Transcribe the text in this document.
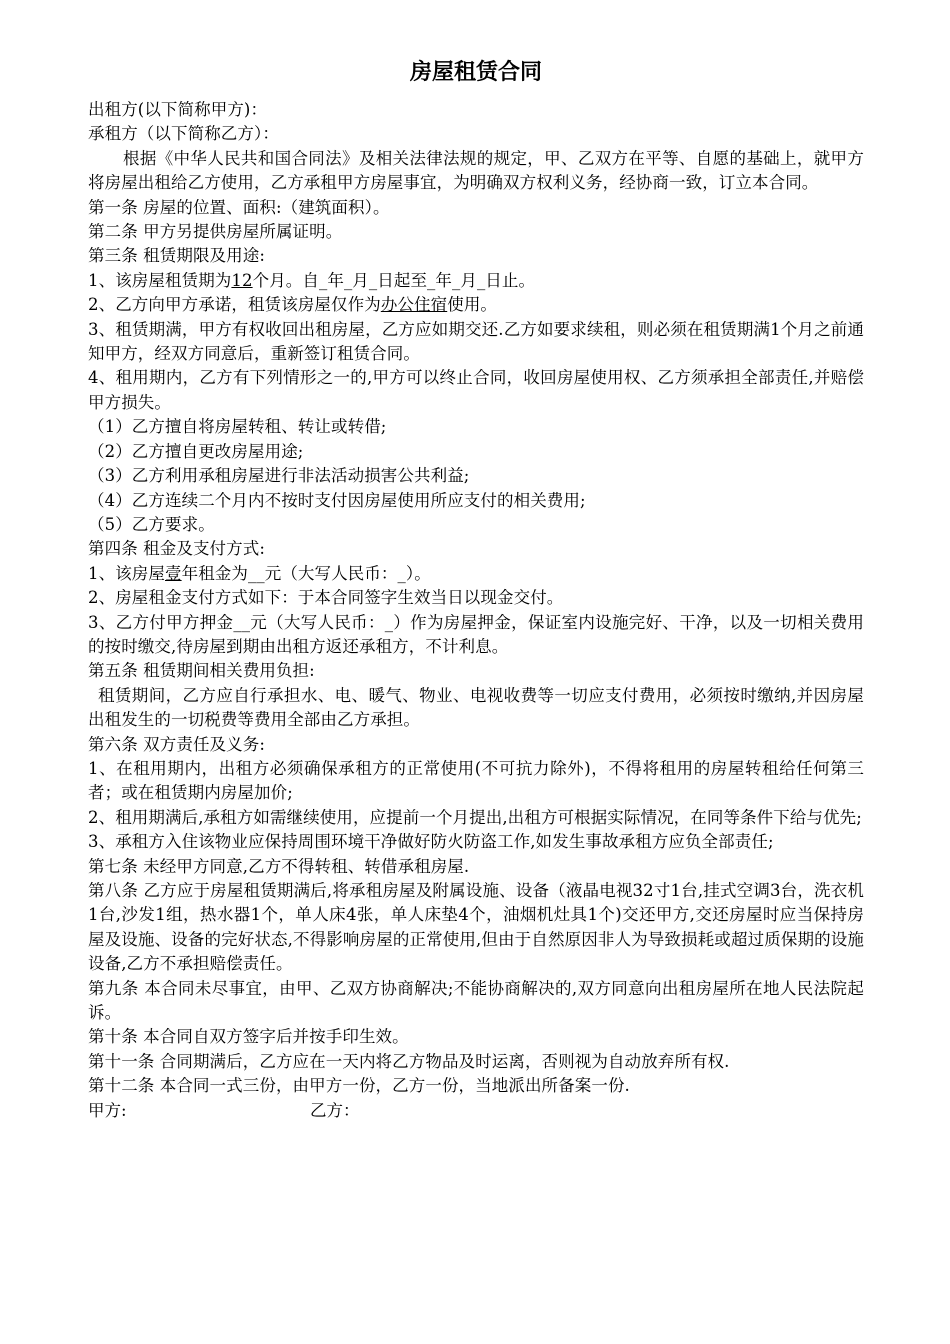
房屋租赁合同
出租方(以下简称甲方)：
承租方（以下简称乙方）：

根据《中华人民共和国合同法》及相关法律法规的规定，甲、乙双方在平等、自愿的基础上，就甲方将房屋出租给乙方使用，乙方承租甲方房屋事宜，为明确双方权利义务，经协商一致，订立本合同。

第一条 房屋的位置、面积:（建筑面积）。
第二条 甲方另提供房屋所属证明。
第三条 租赁期限及用途:
1、该房屋租赁期为12个月。自_年_月_日起至_年_月_日止。
2、乙方向甲方承诺，租赁该房屋仅作为办公住宿使用。

3、租赁期满，甲方有权收回出租房屋，乙方应如期交还.乙方如要求续租，则必须在租赁期满1个月之前通知甲方，经双方同意后，重新签订租赁合同。

4、租用期内，乙方有下列情形之一的,甲方可以终止合同，收回房屋使用权、乙方须承担全部责任,并赔偿甲方损失。

（1）乙方擅自将房屋转租、转让或转借;
（2）乙方擅自更改房屋用途;
（3）乙方利用承租房屋进行非法活动损害公共利益;
（4）乙方连续二个月内不按时支付因房屋使用所应支付的相关费用;
（5）乙方要求。
第四条 租金及支付方式:
1、该房屋壹年租金为__元（大写人民币：_）。
2、房屋租金支付方式如下：于本合同签字生效当日以现金交付。

3、乙方付甲方押金__元（大写人民币：_）作为房屋押金，保证室内设施完好、干净，以及一切相关费用的按时缴交,待房屋到期由出租方返还承租方，不计利息。

第五条 租赁期间相关费用负担:

租赁期间，乙方应自行承担水、电、暖气、物业、电视收费等一切应支付费用，必须按时缴纳,并因房屋出租发生的一切税费等费用全部由乙方承担。

第六条 双方责任及义务:

1、在租用期内，出租方必须确保承租方的正常使用(不可抗力除外)，不得将租用的房屋转租给任何第三者；或在租赁期内房屋加价;

2、租用期满后,承租方如需继续使用，应提前一个月提出,出租方可根据实际情况，在同等条件下给与优先;

3、承租方入住该物业应保持周围环境干净做好防火防盗工作,如发生事故承租方应负全部责任;

第七条 未经甲方同意,乙方不得转租、转借承租房屋.

第八条 乙方应于房屋租赁期满后,将承租房屋及附属设施、设备（液晶电视32寸1台,挂式空调3台，洗衣机1台,沙发1组，热水器1个，单人床4张，单人床垫4个，油烟机灶具1个)交还甲方,交还房屋时应当保持房屋及设施、设备的完好状态,不得影响房屋的正常使用,但由于自然原因非人为导致损耗或超过质保期的设施设备,乙方不承担赔偿责任。

第九条 本合同未尽事宜，由甲、乙双方协商解决;不能协商解决的,双方同意向出租房屋所在地人民法院起诉。

第十条 本合同自双方签字后并按手印生效。
第十一条 合同期满后，乙方应在一天内将乙方物品及时运离，否则视为自动放弃所有权.
第十二条 本合同一式三份，由甲方一份，乙方一份，当地派出所备案一份.
甲方:	乙方：
